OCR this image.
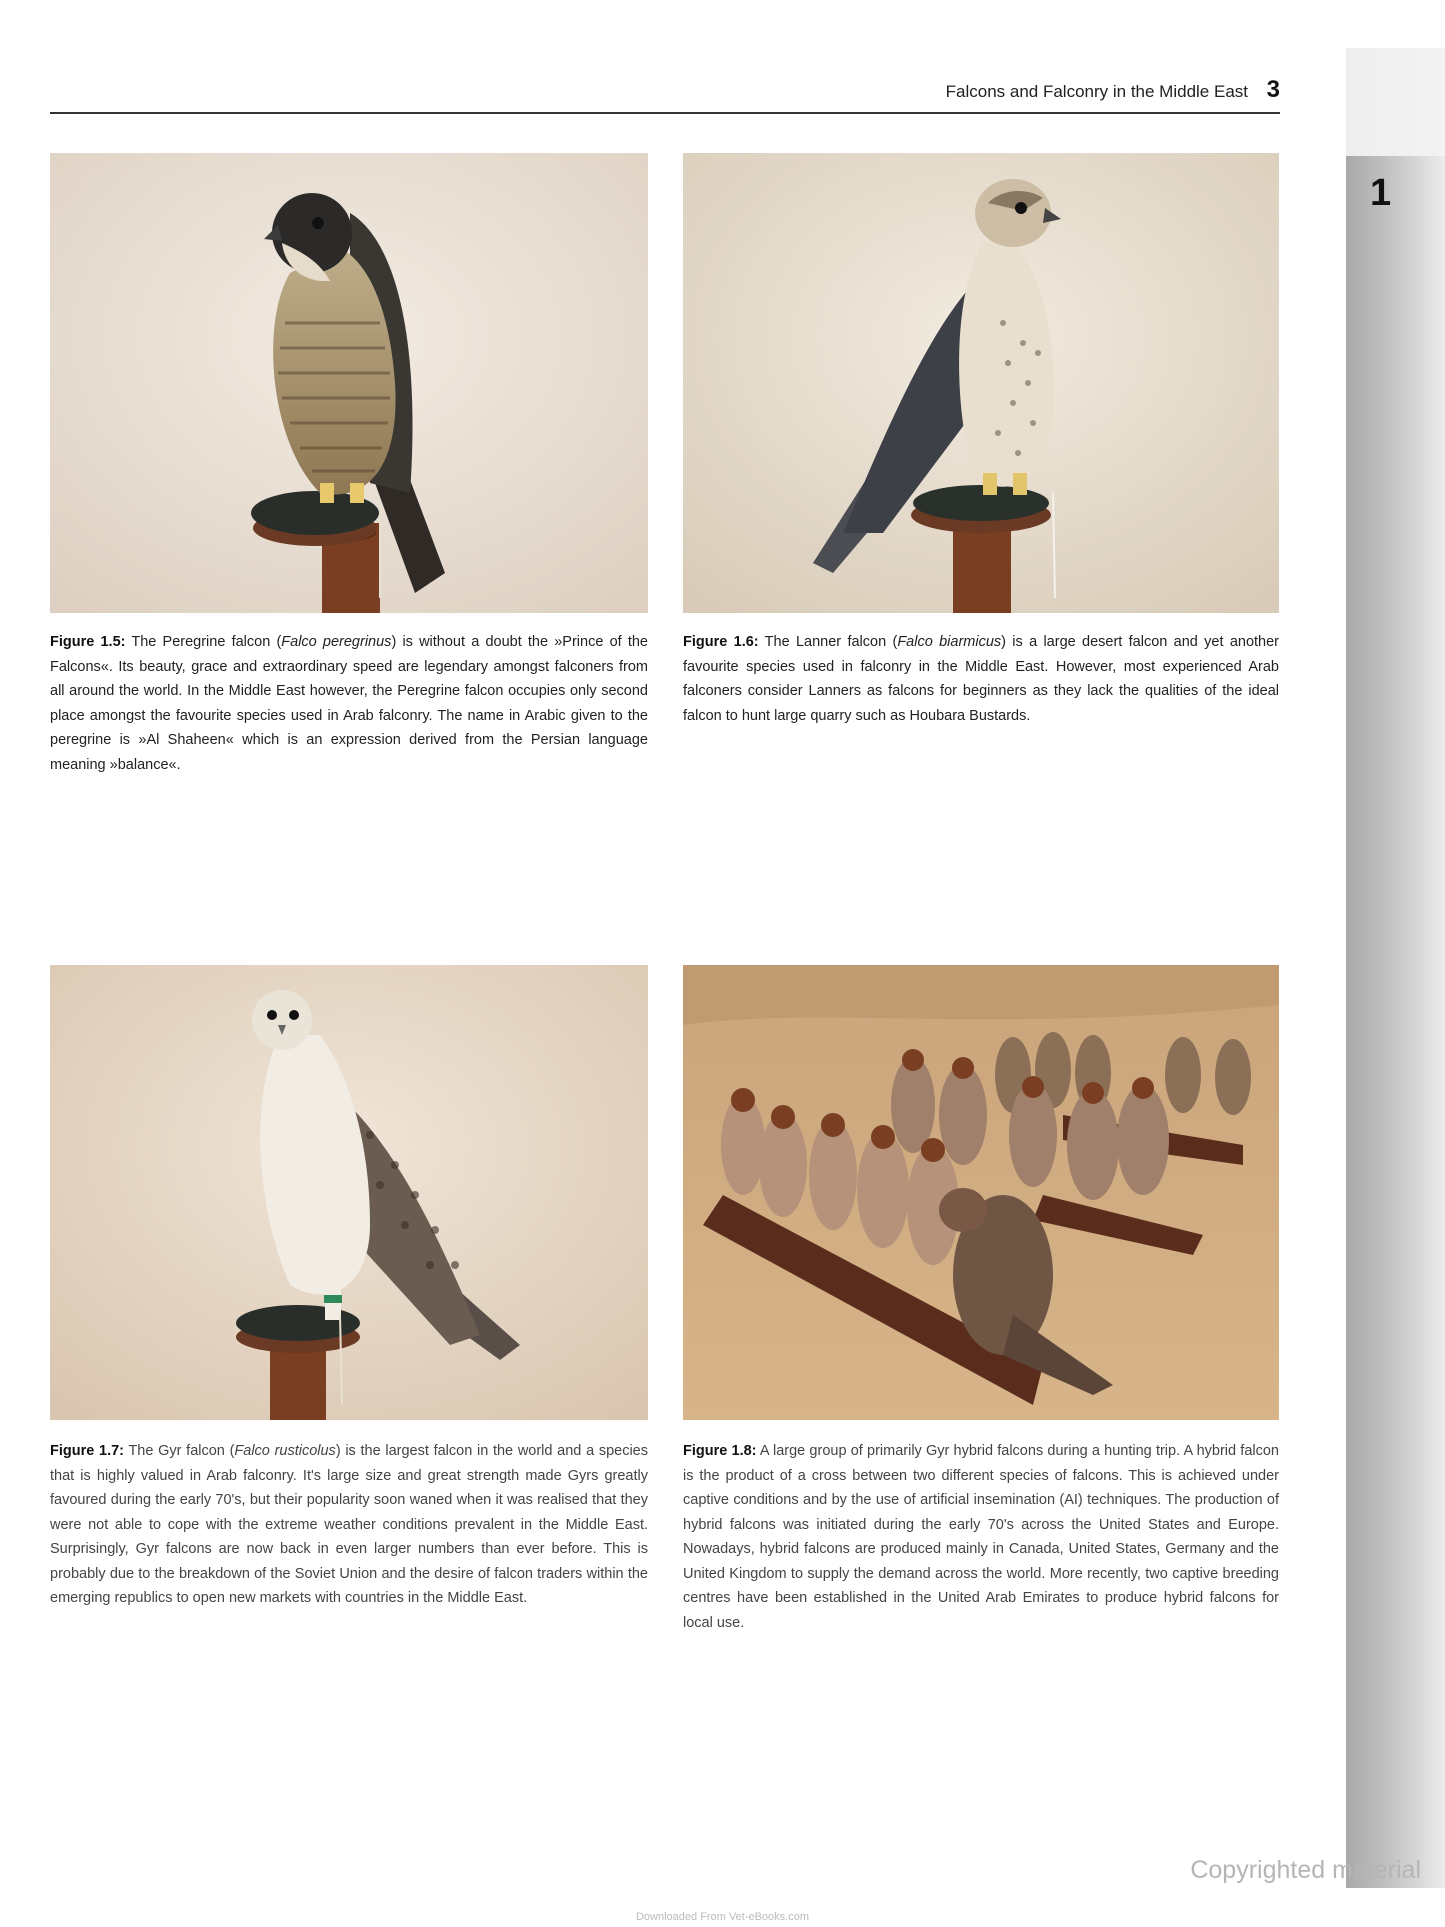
Falcons and Falconry in the Middle East 3
1
Figure 1.5: The Peregrine falcon (Falco peregrinus) is without a doubt the »Prince of the Falcons«. Its beauty, grace and extraordinary speed are legendary amongst falconers from all around the world. In the Middle East however, the Peregrine falcon occupies only second place amongst the favourite species used in Arab falconry. The name in Arabic given to the peregrine is »Al Shaheen« which is an expression derived from the Persian language meaning »balance«.
Figure 1.6: The Lanner falcon (Falco biarmicus) is a large desert falcon and yet another favourite species used in falconry in the Middle East. However, most experienced Arab falconers consider Lanners as falcons for beginners as they lack the qualities of the ideal falcon to hunt large quarry such as Houbara Bustards.
Figure 1.7: The Gyr falcon (Falco rusticolus) is the largest falcon in the world and a species that is highly valued in Arab falconry. It's large size and great strength made Gyrs greatly favoured during the early 70's, but their popularity soon waned when it was realised that they were not able to cope with the extreme weather conditions prevalent in the Middle East. Surprisingly, Gyr falcons are now back in even larger numbers than ever before. This is probably due to the breakdown of the Soviet Union and the desire of falcon traders within the emerging republics to open new markets with countries in the Middle East.
Figure 1.8: A large group of primarily Gyr hybrid falcons during a hunting trip. A hybrid falcon is the product of a cross between two different species of falcons. This is achieved under captive conditions and by the use of artificial insemination (AI) techniques. The production of hybrid falcons was initiated during the early 70's across the United States and Europe. Nowadays, hybrid falcons are produced mainly in Canada, United States, Germany and the United Kingdom to supply the demand across the world. More recently, two captive breeding centres have been established in the United Arab Emirates to produce hybrid falcons for local use.
Copyrighted material
Downloaded From Vet-eBooks.com
